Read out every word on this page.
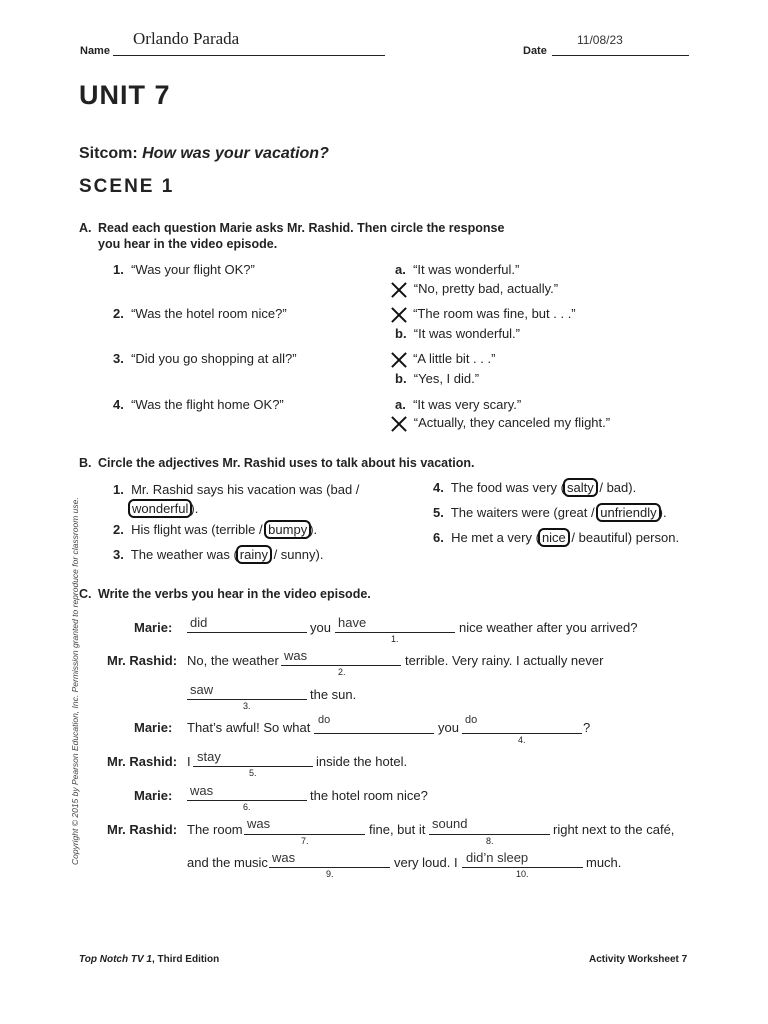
Orlando Parada
Name
11/08/23
Date
UNIT 7
Sitcom: How was your vacation?
SCENE 1
A. Read each question Marie asks Mr. Rashid. Then circle the response
you hear in the video episode.
1. “Was your flight OK?”	a. “It was wonderful.”
“No, pretty bad, actually.”
2. “Was the hotel room nice?”	“The room was fine, but . . .”
b. “It was wonderful.”
3. “Did you go shopping at all?”	“A little bit . . .”
b. “Yes, I did.”
4. “Was the flight home OK?”	a. “It was very scary.”
“Actually, they canceled my flight.”
B. Circle the adjectives Mr. Rashid uses to talk about his vacation.
1. Mr. Rashid says his vacation was (bad /
wonderful ).
2. His flight was (terrible / bumpy ).
3. The weather was ( rainy / sunny).
4. The food was very ( salty / bad).
5. The waiters were (great / unfriendly ).
6. He met a very ( nice / beautiful) person.
C. Write the verbs you hear in the video episode.
Marie: did	you have
1.
nice weather after you arrived?
Mr. Rashid: No, the weather was
2.
terrible. Very rainy. I actually never
saw
3.
the sun.
Marie: That’s awful! So what do	you do
4.
?
Mr. Rashid: I stay
5.
inside the hotel.
Marie: was
6.
the hotel room nice?
Mr. Rashid: The room was
7.
fine, but it sound
8.
right next to the café,
and the music was
9.
very loud. I did’n sleep
10.
much.
Copyright © 2015 by Pearson Education, Inc. Permission granted to reproduce for classroom use.
Top Notch TV 1, Third Edition	Activity Worksheet 7
